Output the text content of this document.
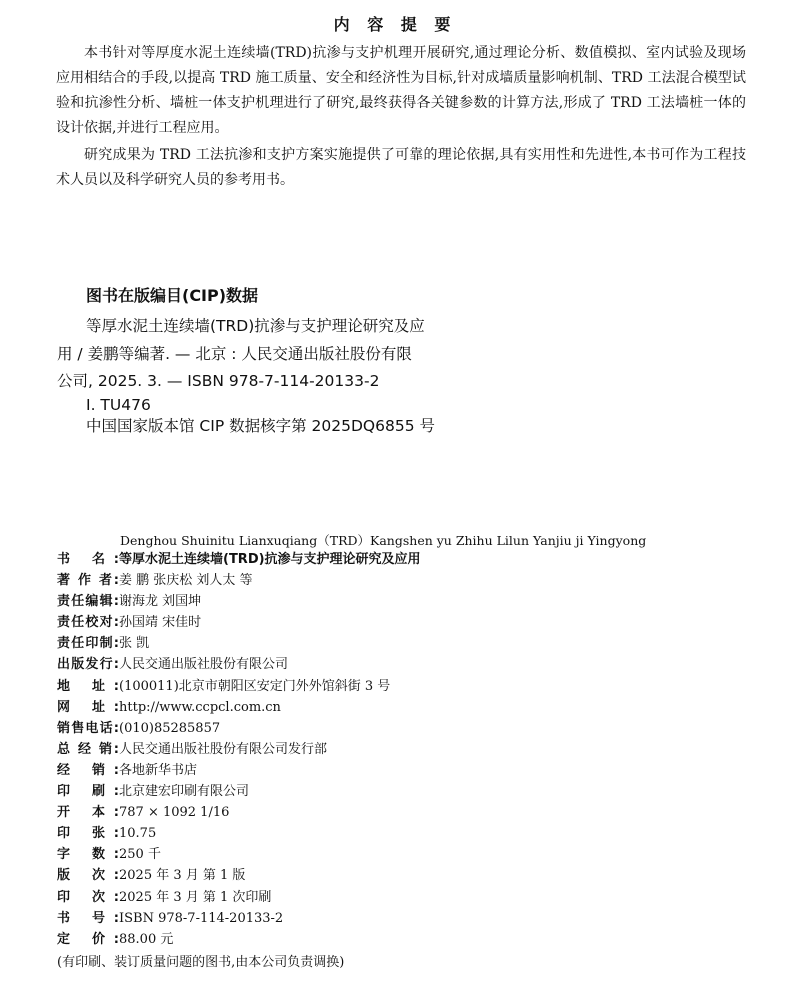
内 容 提 要
本书针对等厚度水泥土连续墙(TRD)抗渗与支护机理开展研究,通过理论分析、数值模拟、室内试验及现场应用相结合的手段,以提高 TRD 施工质量、安全和经济性为目标,针对成墙质量影响机制、TRD 工法混合模型试验和抗渗性分析、墙桩一体支护机理进行了研究,最终获得各关键参数的计算方法,形成了 TRD 工法墙桩一体的设计依据,并进行工程应用。
研究成果为 TRD 工法抗渗和支护方案实施提供了可靠的理论依据,具有实用性和先进性,本书可作为工程技术人员以及科学研究人员的参考用书。
图书在版编目(CIP)数据
等厚水泥土连续墙(TRD)抗渗与支护理论研究及应
用 / 姜鹏等编著. — 北京 : 人民交通出版社股份有限
公司, 2025. 3. — ISBN 978-7-114-20133-2
Ⅰ. TU476
中国国家版本馆 CIP 数据核字第 2025DQ6855 号
Denghou Shuinitu Lianxuqiang（TRD）Kangshen yu Zhihu Lilun Yanjiu ji Yingyong
书 名: 等厚水泥土连续墙(TRD)抗渗与支护理论研究及应用
著 作 者: 姜 鹏 张庆松 刘人太 等
责任编辑: 谢海龙 刘国坤
责任校对: 孙国靖 宋佳时
责任印制: 张 凯
出版发行: 人民交通出版社股份有限公司
地 址: (100011)北京市朝阳区安定门外外馆斜街 3 号
网 址: http://www.ccpcl.com.cn
销售电话: (010)85285857
总 经 销: 人民交通出版社股份有限公司发行部
经 销: 各地新华书店
印 刷: 北京建宏印刷有限公司
开 本: 787 × 1092 1/16
印 张: 10.75
字 数: 250 千
版 次: 2025 年 3 月 第 1 版
印 次: 2025 年 3 月 第 1 次印刷
书 号: ISBN 978-7-114-20133-2
定 价: 88.00 元
(有印刷、装订质量问题的图书,由本公司负责调换)
